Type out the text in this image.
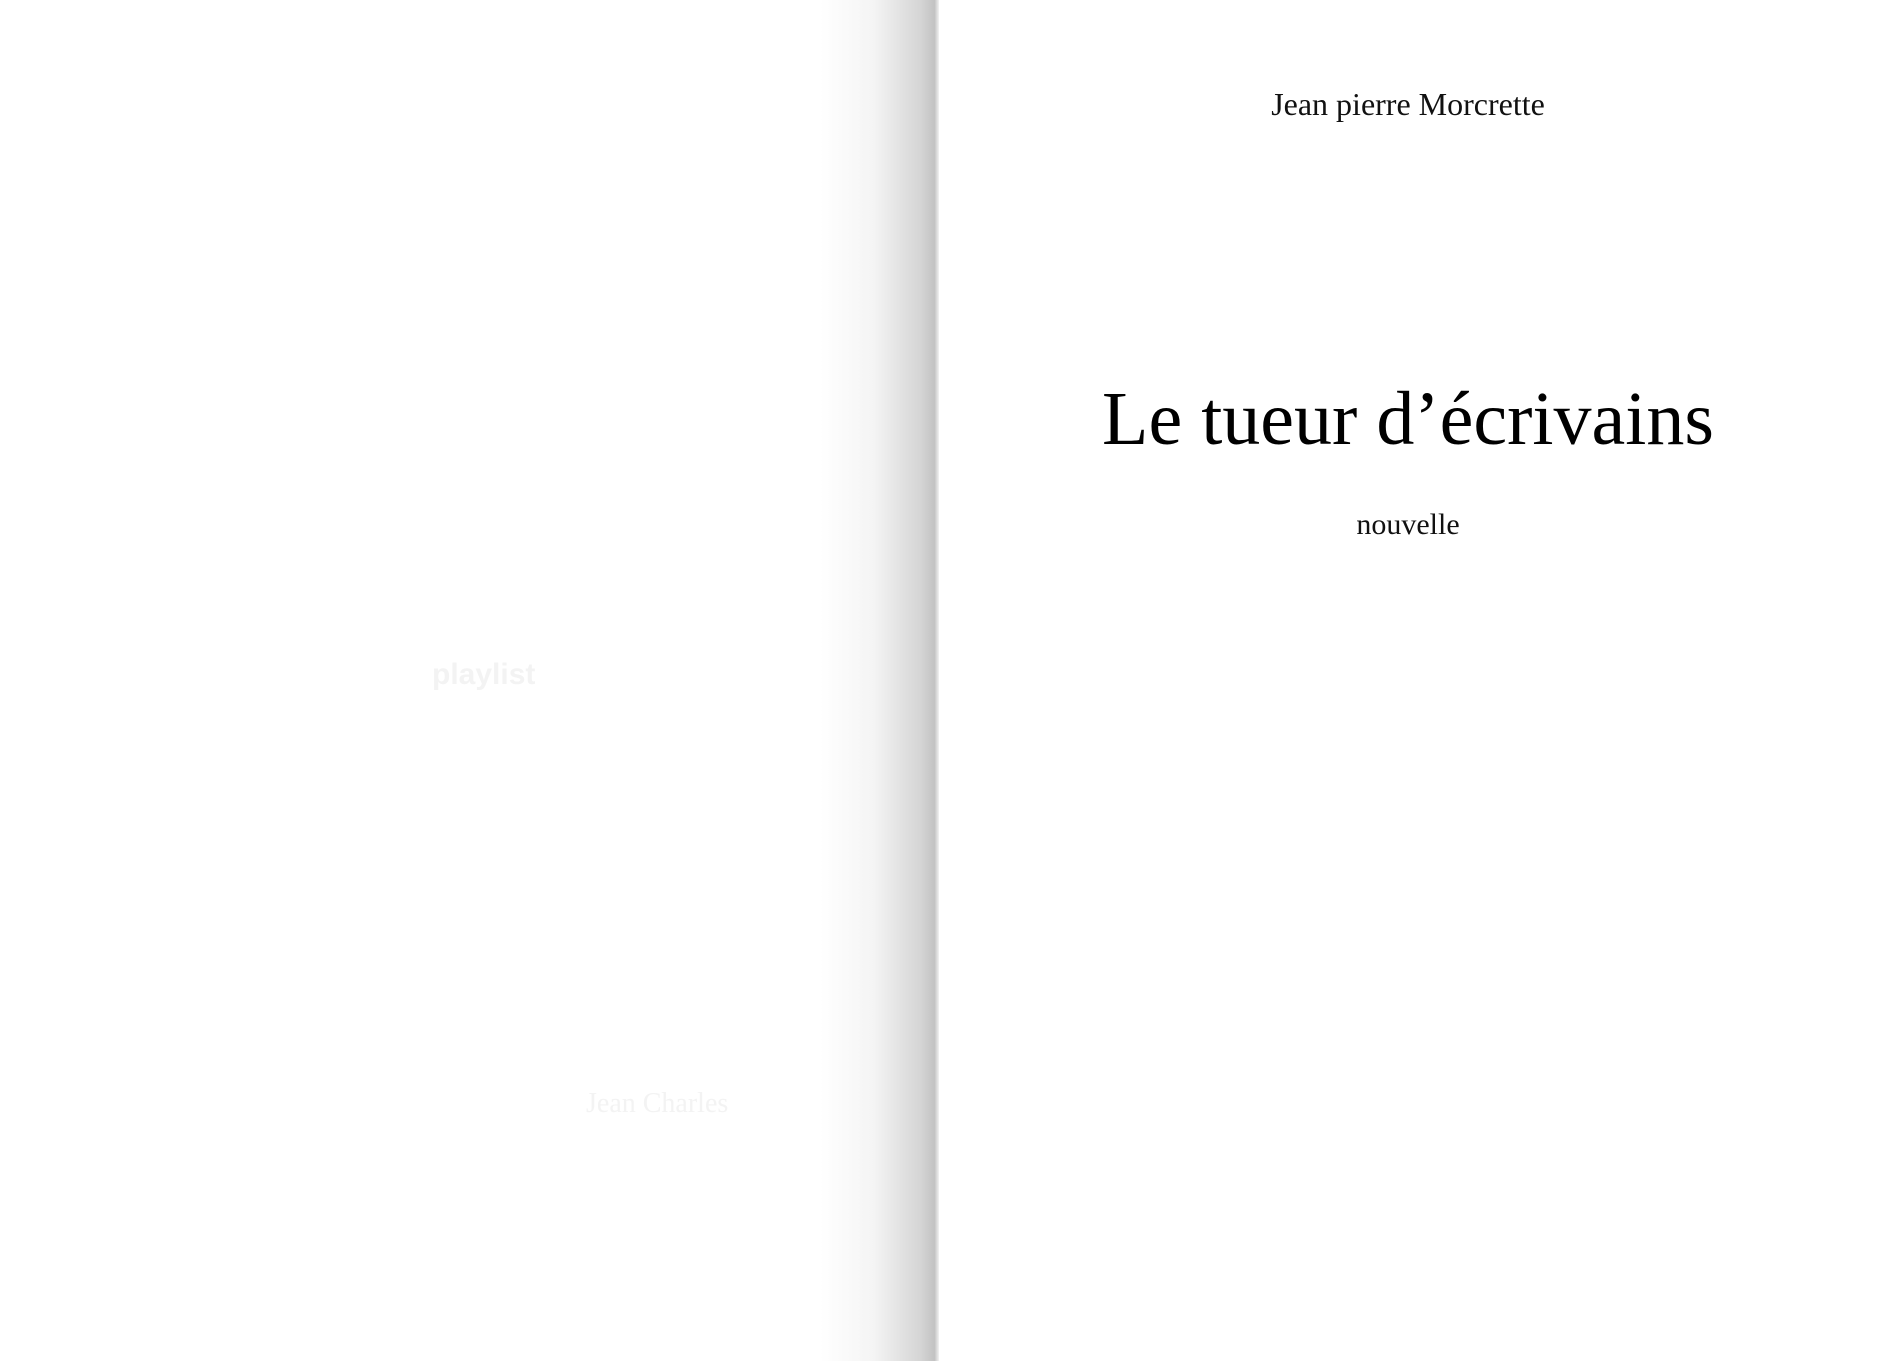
playlist
Jean Charles
Jean pierre Morcrette
Le tueur d’écrivains
nouvelle
